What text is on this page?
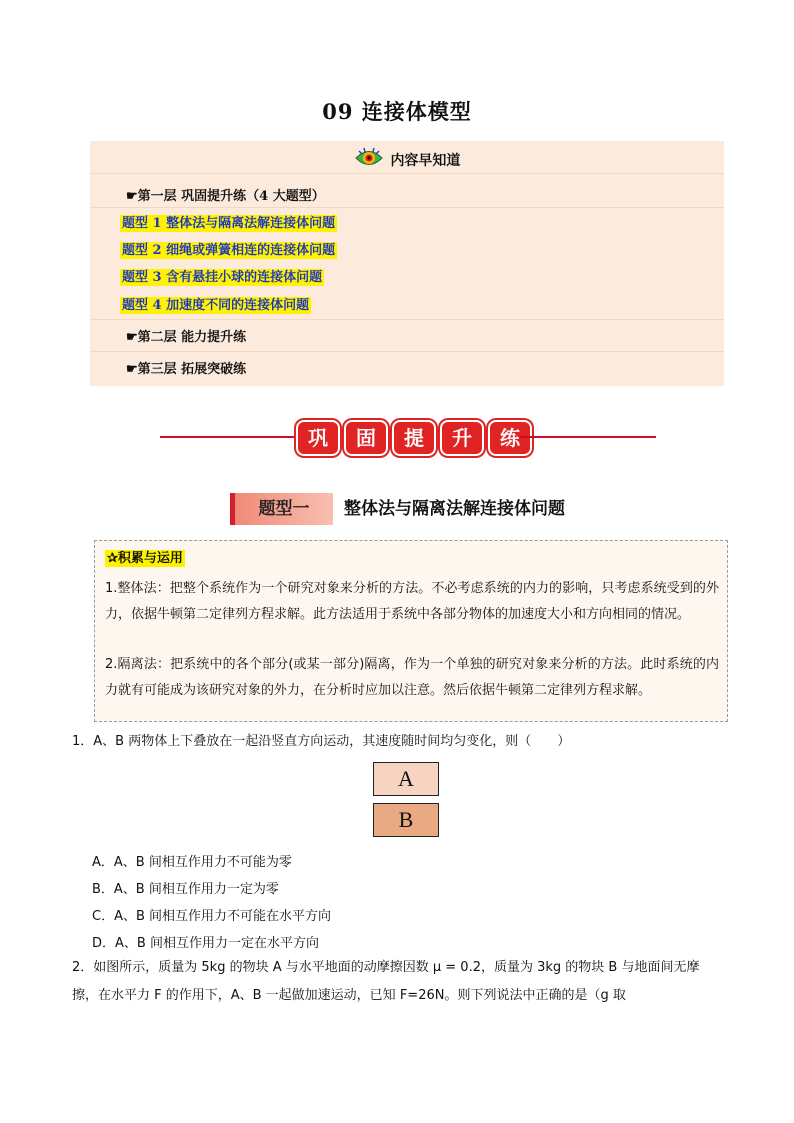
09 连接体模型
内容早知道
☛第一层 巩固提升练（4 大题型）
题型 1 整体法与隔离法解连接体问题
题型 2 细绳或弹簧相连的连接体问题
题型 3 含有悬挂小球的连接体问题
题型 4 加速度不同的连接体问题
☛第二层 能力提升练
☛第三层 拓展突破练
巩	固	提	升	练
题型一	整体法与隔离法解连接体问题
✰积累与运用
1.整体法：把整个系统作为一个研究对象来分析的方法。不必考虑系统的内力的影响，只考虑系统受到的外力，依据牛顿第二定律列方程求解。此方法适用于系统中各部分物体的加速度大小和方向相同的情况。
2.隔离法：把系统中的各个部分(或某一部分)隔离，作为一个单独的研究对象来分析的方法。此时系统的内力就有可能成为该研究对象的外力，在分析时应加以注意。然后依据牛顿第二定律列方程求解。
1．A、B 两物体上下叠放在一起沿竖直方向运动，其速度随时间均匀变化，则（　　）
A
B
A．A、B 间相互作用力不可能为零
B．A、B 间相互作用力一定为零
C．A、B 间相互作用力不可能在水平方向
D．A、B 间相互作用力一定在水平方向
2．如图所示，质量为 5kg 的物块 A 与水平地面的动摩擦因数 μ = 0.2，质量为 3kg 的物块 B 与地面间无摩
擦，在水平力 F 的作用下，A、B 一起做加速运动，已知 F=26N。则下列说法中正确的是（g 取
